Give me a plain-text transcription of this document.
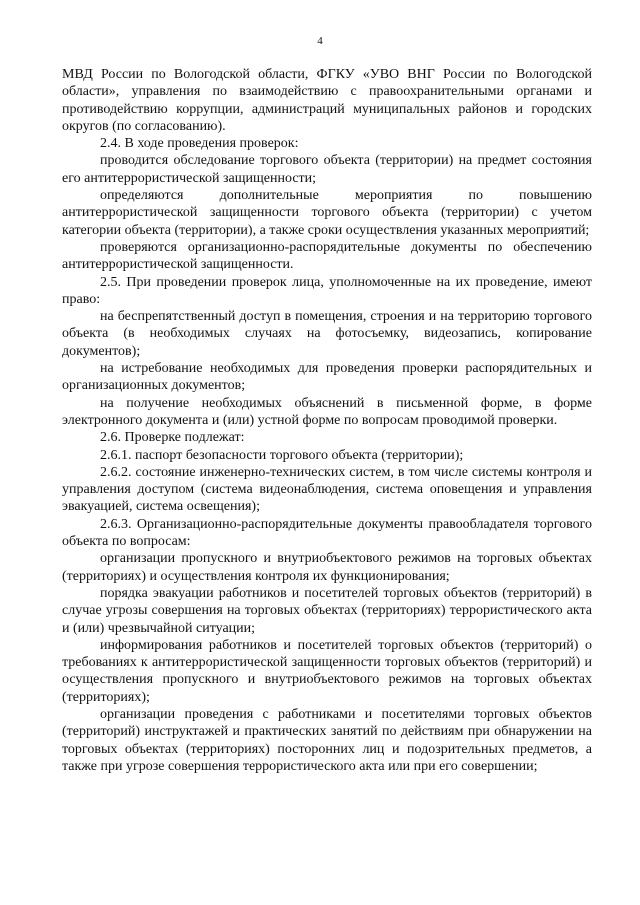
4

МВД России по Вологодской области, ФГКУ «УВО ВНГ России по Вологодской области», управления по взаимодействию с правоохранительными органами и противодействию коррупции, администраций муниципальных районов и городских округов (по согласованию).

2.4. В ходе проведения проверок:

проводится обследование торгового объекта (территории) на предмет состояния его антитеррористической защищенности;

определяются дополнительные мероприятия по повышению антитеррористической защищенности торгового объекта (территории) с учетом категории объекта (территории), а также сроки осуществления указанных мероприятий;

проверяются организационно-распорядительные документы по обеспечению антитеррористической защищенности.

2.5. При проведении проверок лица, уполномоченные на их проведение, имеют право:

на беспрепятственный доступ в помещения, строения и на территорию торгового объекта (в необходимых случаях на фотосъемку, видеозапись, копирование документов);

на истребование необходимых для проведения проверки распорядительных и организационных документов;

на получение необходимых объяснений в письменной форме, в форме электронного документа и (или) устной форме по вопросам проводимой проверки.

2.6. Проверке подлежат:

2.6.1. паспорт безопасности торгового объекта (территории);

2.6.2. состояние инженерно-технических систем, в том числе системы контроля и управления доступом (система видеонаблюдения, система оповещения и управления эвакуацией, система освещения);

2.6.3. Организационно-распорядительные документы правообладателя торгового объекта по вопросам:

организации пропускного и внутриобъектового режимов на торговых объектах (территориях) и осуществления контроля их функционирования;

порядка эвакуации работников и посетителей торговых объектов (территорий) в случае угрозы совершения на торговых объектах (территориях) террористического акта и (или) чрезвычайной ситуации;

информирования работников и посетителей торговых объектов (территорий) о требованиях к антитеррористической защищенности торговых объектов (территорий) и осуществления пропускного и внутриобъектового режимов на торговых объектах (территориях);

организации проведения с работниками и посетителями торговых объектов (территорий) инструктажей и практических занятий по действиям при обнаружении на торговых объектах (территориях) посторонних лиц и подозрительных предметов, а также при угрозе совершения террористического акта или при его совершении;
